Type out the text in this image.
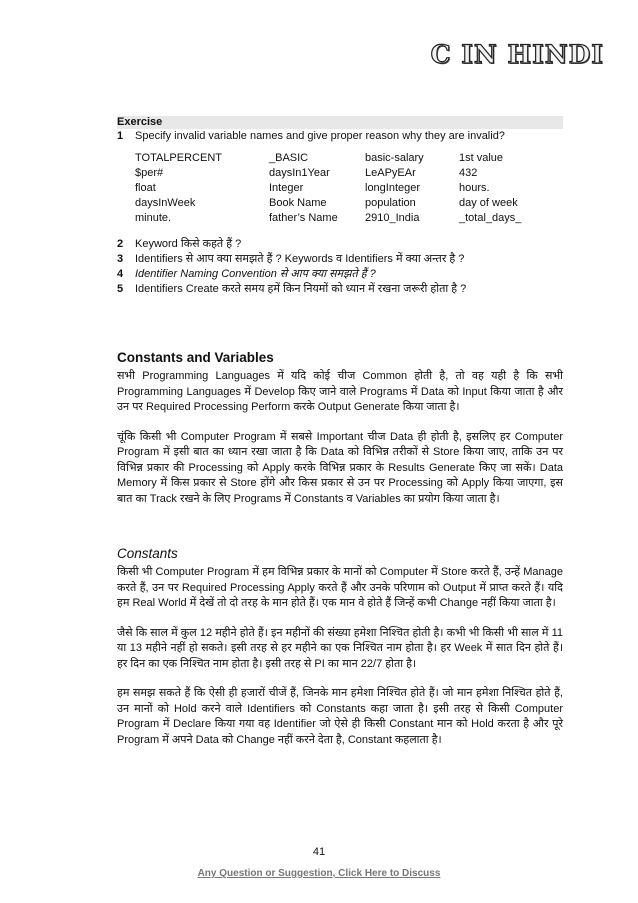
C IN HINDI
Exercise
1	Specify invalid variable names and give proper reason why they are invalid?
TOTALPERCENT	_BASIC	basic-salary	1st value
$per#	daysIn1Year	LeAPyEAr	432
float	Integer	longInteger	hours.
daysInWeek	Book Name	population	day of week
minute.	father’s Name	2910_India	_total_days_
2	Keyword किसे कहते हैं ?
3	Identifiers से आप क्या समझते हैं ? Keywords व Identifiers में क्या अन्तर है ?
4	Identifier Naming Convention से आप क्या समझते हैं ?
5	Identifiers Create करते समय हमें किन नियमों को ध्यान में रखना जरूरी होता है ?
Constants and Variables

सभी Programming Languages में यदि कोई चीज Common होती है, तो वह यही है कि सभी Programming Languages में Develop किए जाने वाले Programs में Data को Input किया जाता है और उन पर Required Processing Perform करके Output Generate किया जाता है।

चूंकि किसी भी Computer Program में सबसे Important चीज Data ही होती है, इसलिए हर Computer Program में इसी बात का ध्यान रखा जाता है कि Data को विभिन्न तरीकों से Store किया जाए, ताकि उन पर विभिन्न प्रकार की Processing को Apply करके विभिन्न प्रकार के Results Generate किए जा सकें। Data Memory में किस प्रकार से Store होंगे और किस प्रकार से उन पर Processing को Apply किया जाएगा, इस बात का Track रखने के लिए Programs में Constants व Variables का प्रयोग किया जाता है।

Constants

किसी भी Computer Program में हम विभिन्न प्रकार के मानों को Computer में Store करते हैं, उन्हें Manage करते हैं, उन पर Required Processing Apply करते हैं और उनके परिणाम को Output में प्राप्त करते हैं। यदि हम Real World में देखें तो दो तरह के मान होते हैं। एक मान वे होते हैं जिन्हें कभी Change नहीं किया जाता है।

जैसे कि साल में कुल 12 महीने होते हैं। इन महीनों की संख्या हमेशा निश्चित होती है। कभी भी किसी भी साल में 11 या 13 महीने नहीं हो सकते। इसी तरह से हर महीने का एक निश्चित नाम होता है। हर Week में सात दिन होते हैं। हर दिन का एक निश्चित नाम होता है। इसी तरह से PI का मान 22/7 होता है।

हम समझ सकते हैं कि ऐसी ही हजारों चीजें हैं, जिनके मान हमेशा निश्चित होते हैं। जो मान हमेशा निश्चित होते हैं, उन मानों को Hold करने वाले Identifiers को Constants कहा जाता है। इसी तरह से किसी Computer Program में Declare किया गया वह Identifier जो ऐसे ही किसी Constant मान को Hold करता है और पूरे Program में अपने Data को Change नहीं करने देता है, Constant कहलाता है।

41
Any Question or Suggestion, Click Here to Discuss
